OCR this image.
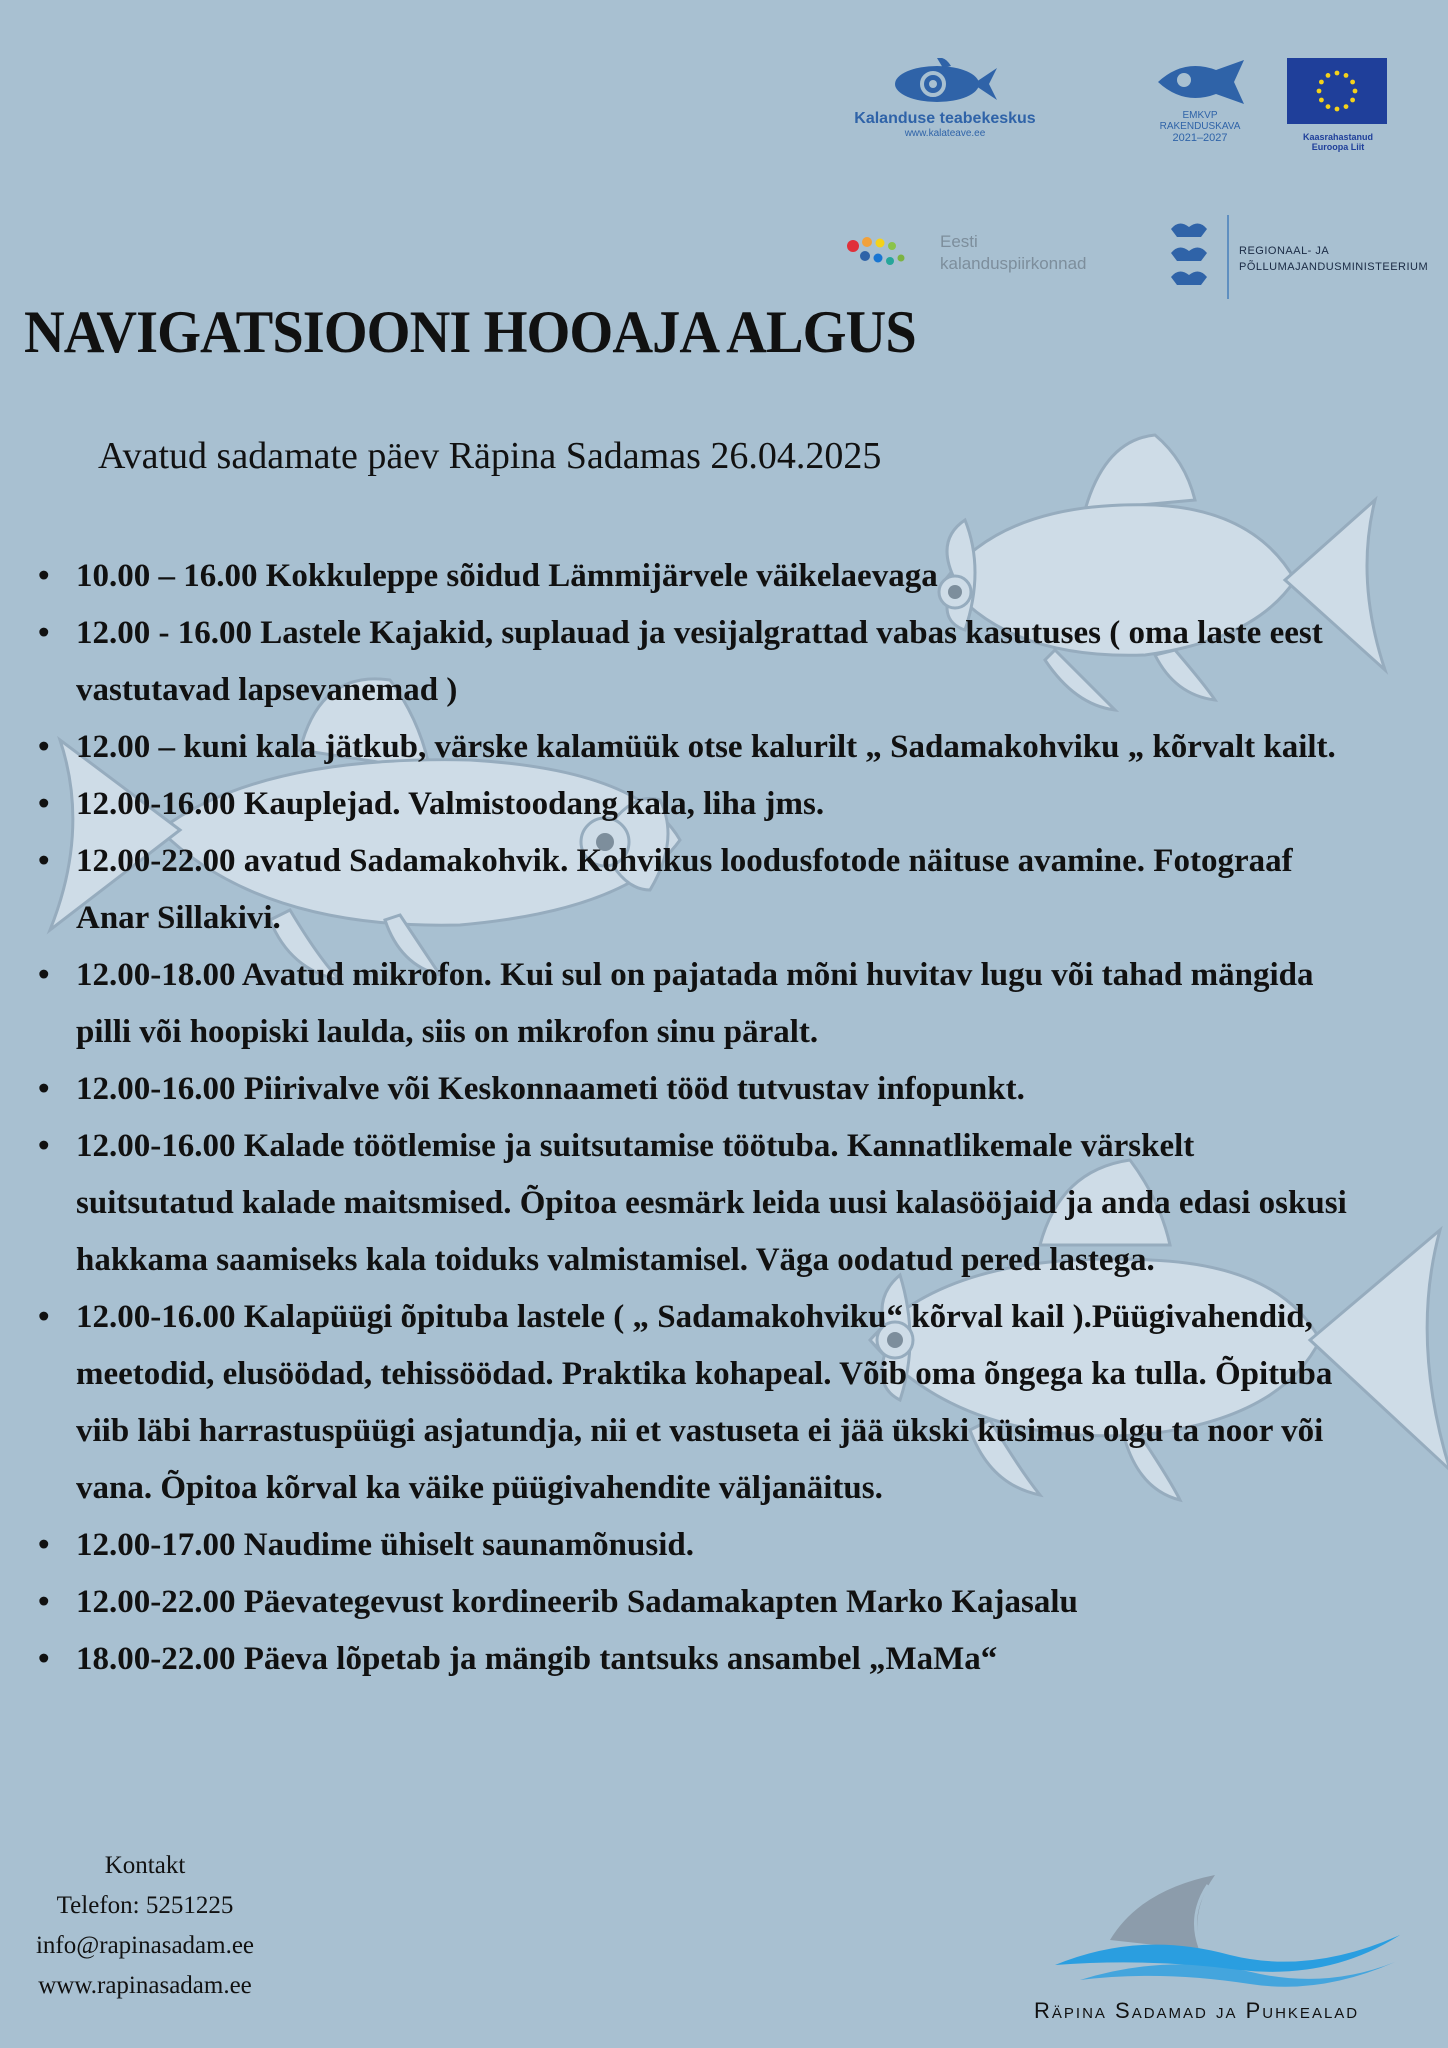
Kalanduse teabekeskus
www.kalateave.ee
EMKVP
RAKENDUSKAVA
2021–2027	Kaasrahastanud
Euroopa Liit
Eesti
kalanduspiirkonnad
REGIONAAL- JA
PÕLLUMAJANDUSMINISTEERIUM
NAVIGATSIOONI HOOAJA ALGUS
Avatud sadamate päev Räpina Sadamas 26.04.2025
• 10.00 – 16.00 Kokkuleppe sõidud Lämmijärvele väikelaevaga
• 12.00 - 16.00 Lastele Kajakid, suplauad ja vesijalgrattad vabas kasutuses ( oma laste eest vastutavad lapsevanemad )
• 12.00 – kuni kala jätkub, värske kalamüük otse kalurilt „ Sadamakohviku „ kõrvalt kailt.
• 12.00-16.00 Kauplejad. Valmistoodang kala, liha jms.
• 12.00-22.00 avatud Sadamakohvik. Kohvikus loodusfotode näituse avamine. Fotograaf Anar Sillakivi.
• 12.00-18.00 Avatud mikrofon. Kui sul on pajatada mõni huvitav lugu või tahad mängida pilli või hoopiski laulda, siis on mikrofon sinu päralt.
• 12.00-16.00 Piirivalve või Keskonnaameti tööd tutvustav infopunkt.
• 12.00-16.00 Kalade töötlemise ja suitsutamise töötuba. Kannatlikemale värskelt suitsutatud kalade maitsmised. Õpitoa eesmärk leida uusi kalasööjaid ja anda edasi oskusi hakkama saamiseks kala toiduks valmistamisel. Väga oodatud pered lastega.
• 12.00-16.00 Kalapüügi õpituba lastele ( „ Sadamakohviku“ kõrval kail ).Püügivahendid, meetodid, elusöödad, tehissöödad. Praktika kohapeal. Võib oma õngega ka tulla. Õpituba viib läbi harrastuspüügi asjatundja, nii et vastuseta ei jää ükski küsimus olgu ta noor või vana. Õpitoa kõrval ka väike püügivahendite väljanäitus.
• 12.00-17.00 Naudime ühiselt saunamõnusid.
• 12.00-22.00 Päevategevust kordineerib Sadamakapten Marko Kajasalu
• 18.00-22.00 Päeva lõpetab ja mängib tantsuks ansambel „MaMa“
Kontakt
Telefon: 5251225
info@rapinasadam.ee
www.rapinasadam.ee
Räpina Sadamad ja Puhkealad
